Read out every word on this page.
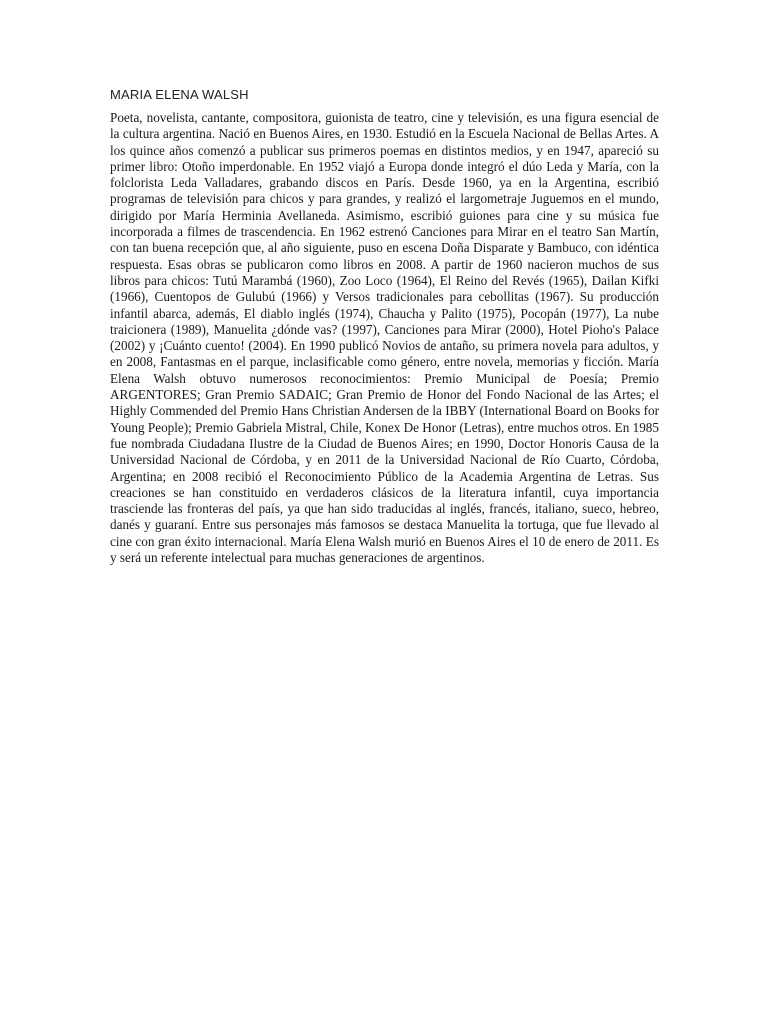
MARIA ELENA WALSH

Poeta, novelista, cantante, compositora, guionista de teatro, cine y televisión, es una figura esencial de la cultura argentina. Nació en Buenos Aires, en 1930. Estudió en la Escuela Nacional de Bellas Artes. A los quince años comenzó a publicar sus primeros poemas en distintos medios, y en 1947, apareció su primer libro: Otoño imperdonable. En 1952 viajó a Europa donde integró el dúo Leda y María, con la folclorista Leda Valladares, grabando discos en París. Desde 1960, ya en la Argentina, escribió programas de televisión para chicos y para grandes, y realizó el largometraje Juguemos en el mundo, dirigido por María Herminia Avellaneda. Asimismo, escribió guiones para cine y su música fue incorporada a filmes de trascendencia. En 1962 estrenó Canciones para Mirar en el teatro San Martín, con tan buena recepción que, al año siguiente, puso en escena Doña Disparate y Bambuco, con idéntica respuesta. Esas obras se publicaron como libros en 2008. A partir de 1960 nacieron muchos de sus libros para chicos: Tutú Marambá (1960), Zoo Loco (1964), El Reino del Revés (1965), Dailan Kifki (1966), Cuentopos de Gulubú (1966) y Versos tradicionales para cebollitas (1967). Su producción infantil abarca, además, El diablo inglés (1974), Chaucha y Palito (1975), Pocopán (1977), La nube traicionera (1989), Manuelita ¿dónde vas? (1997), Canciones para Mirar (2000), Hotel Pioho's Palace (2002) y ¡Cuánto cuento! (2004). En 1990 publicó Novios de antaño, su primera novela para adultos, y en 2008, Fantasmas en el parque, inclasificable como género, entre novela, memorias y ficción. María Elena Walsh obtuvo numerosos reconocimientos: Premio Municipal de Poesía; Premio ARGENTORES; Gran Premio SADAIC; Gran Premio de Honor del Fondo Nacional de las Artes; el Highly Commended del Premio Hans Christian Andersen de la IBBY (International Board on Books for Young People); Premio Gabriela Mistral, Chile, Konex De Honor (Letras), entre muchos otros. En 1985 fue nombrada Ciudadana Ilustre de la Ciudad de Buenos Aires; en 1990, Doctor Honoris Causa de la Universidad Nacional de Córdoba, y en 2011 de la Universidad Nacional de Río Cuarto, Córdoba, Argentina; en 2008 recibió el Reconocimiento Público de la Academia Argentina de Letras. Sus creaciones se han constituido en verdaderos clásicos de la literatura infantil, cuya importancia trasciende las fronteras del país, ya que han sido traducidas al inglés, francés, italiano, sueco, hebreo, danés y guaraní. Entre sus personajes más famosos se destaca Manuelita la tortuga, que fue llevado al cine con gran éxito internacional. María Elena Walsh murió en Buenos Aires el 10 de enero de 2011. Es y será un referente intelectual para muchas generaciones de argentinos.
